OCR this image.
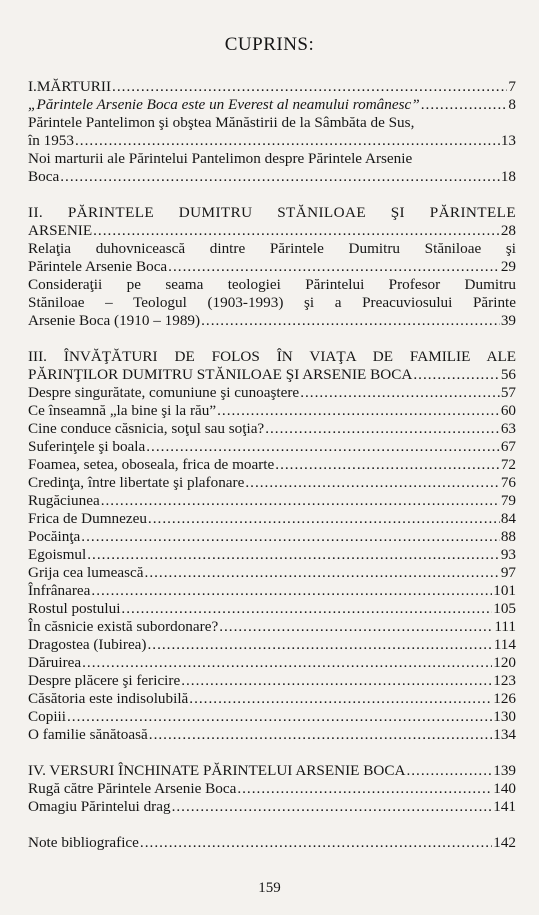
CUPRINS:
I.MĂRTURII .....	7
„Părintele Arsenie Boca este un Everest al neamului românesc” .....	8
Părintele Pantelimon şi obştea Mănăstirii de la Sâmbăta de Sus,
în 1953 .....	13
Noi marturii ale Părintelui Pantelimon despre Părintele Arsenie
Boca .....	18
II. PĂRINTELE DUMITRU STĂNILOAE ŞI PĂRINTELE
ARSENIE .....	28
Relaţia duhovnicească dintre Părintele Dumitru Stăniloae şi
Părintele Arsenie Boca .....	29
Consideraţii pe seama teologiei Părintelui Profesor Dumitru
Stăniloae – Teologul (1903-1993) şi a Preacuviosului Părinte
Arsenie Boca (1910 – 1989) .....	39
III. ÎNVĂŢĂTURI DE FOLOS ÎN VIAŢA DE FAMILIE ALE
PĂRINŢILOR DUMITRU STĂNILOAE ŞI ARSENIE BOCA .....	56
Despre singurătate, comuniune şi cunoaştere .....	57
Ce înseamnă „la bine şi la rău” .....	60
Cine conduce căsnicia, soţul sau soţia? .....	63
Suferinţele şi boala .....	67
Foamea, setea, oboseala, frica de moarte .....	72
Credinţa, între libertate şi plafonare .....	76
Rugăciunea .....	79
Frica de Dumnezeu .....	84
Pocăinţa .....	88
Egoismul .....	93
Grija cea lumească .....	97
Înfrânarea .....	101
Rostul postului .....	105
În căsnicie există subordonare? .....	111
Dragostea (Iubirea) .....	114
Dăruirea .....	120
Despre plăcere şi fericire .....	123
Căsătoria este indisolubilă .....	126
Copiii .....	130
O familie sănătoasă .....	134
IV. VERSURI ÎNCHINATE PĂRINTELUI ARSENIE BOCA .....	139
Rugă către Părintele Arsenie Boca .....	140
Omagiu Părintelui drag .....	141
Note bibliografice .....	142
159
